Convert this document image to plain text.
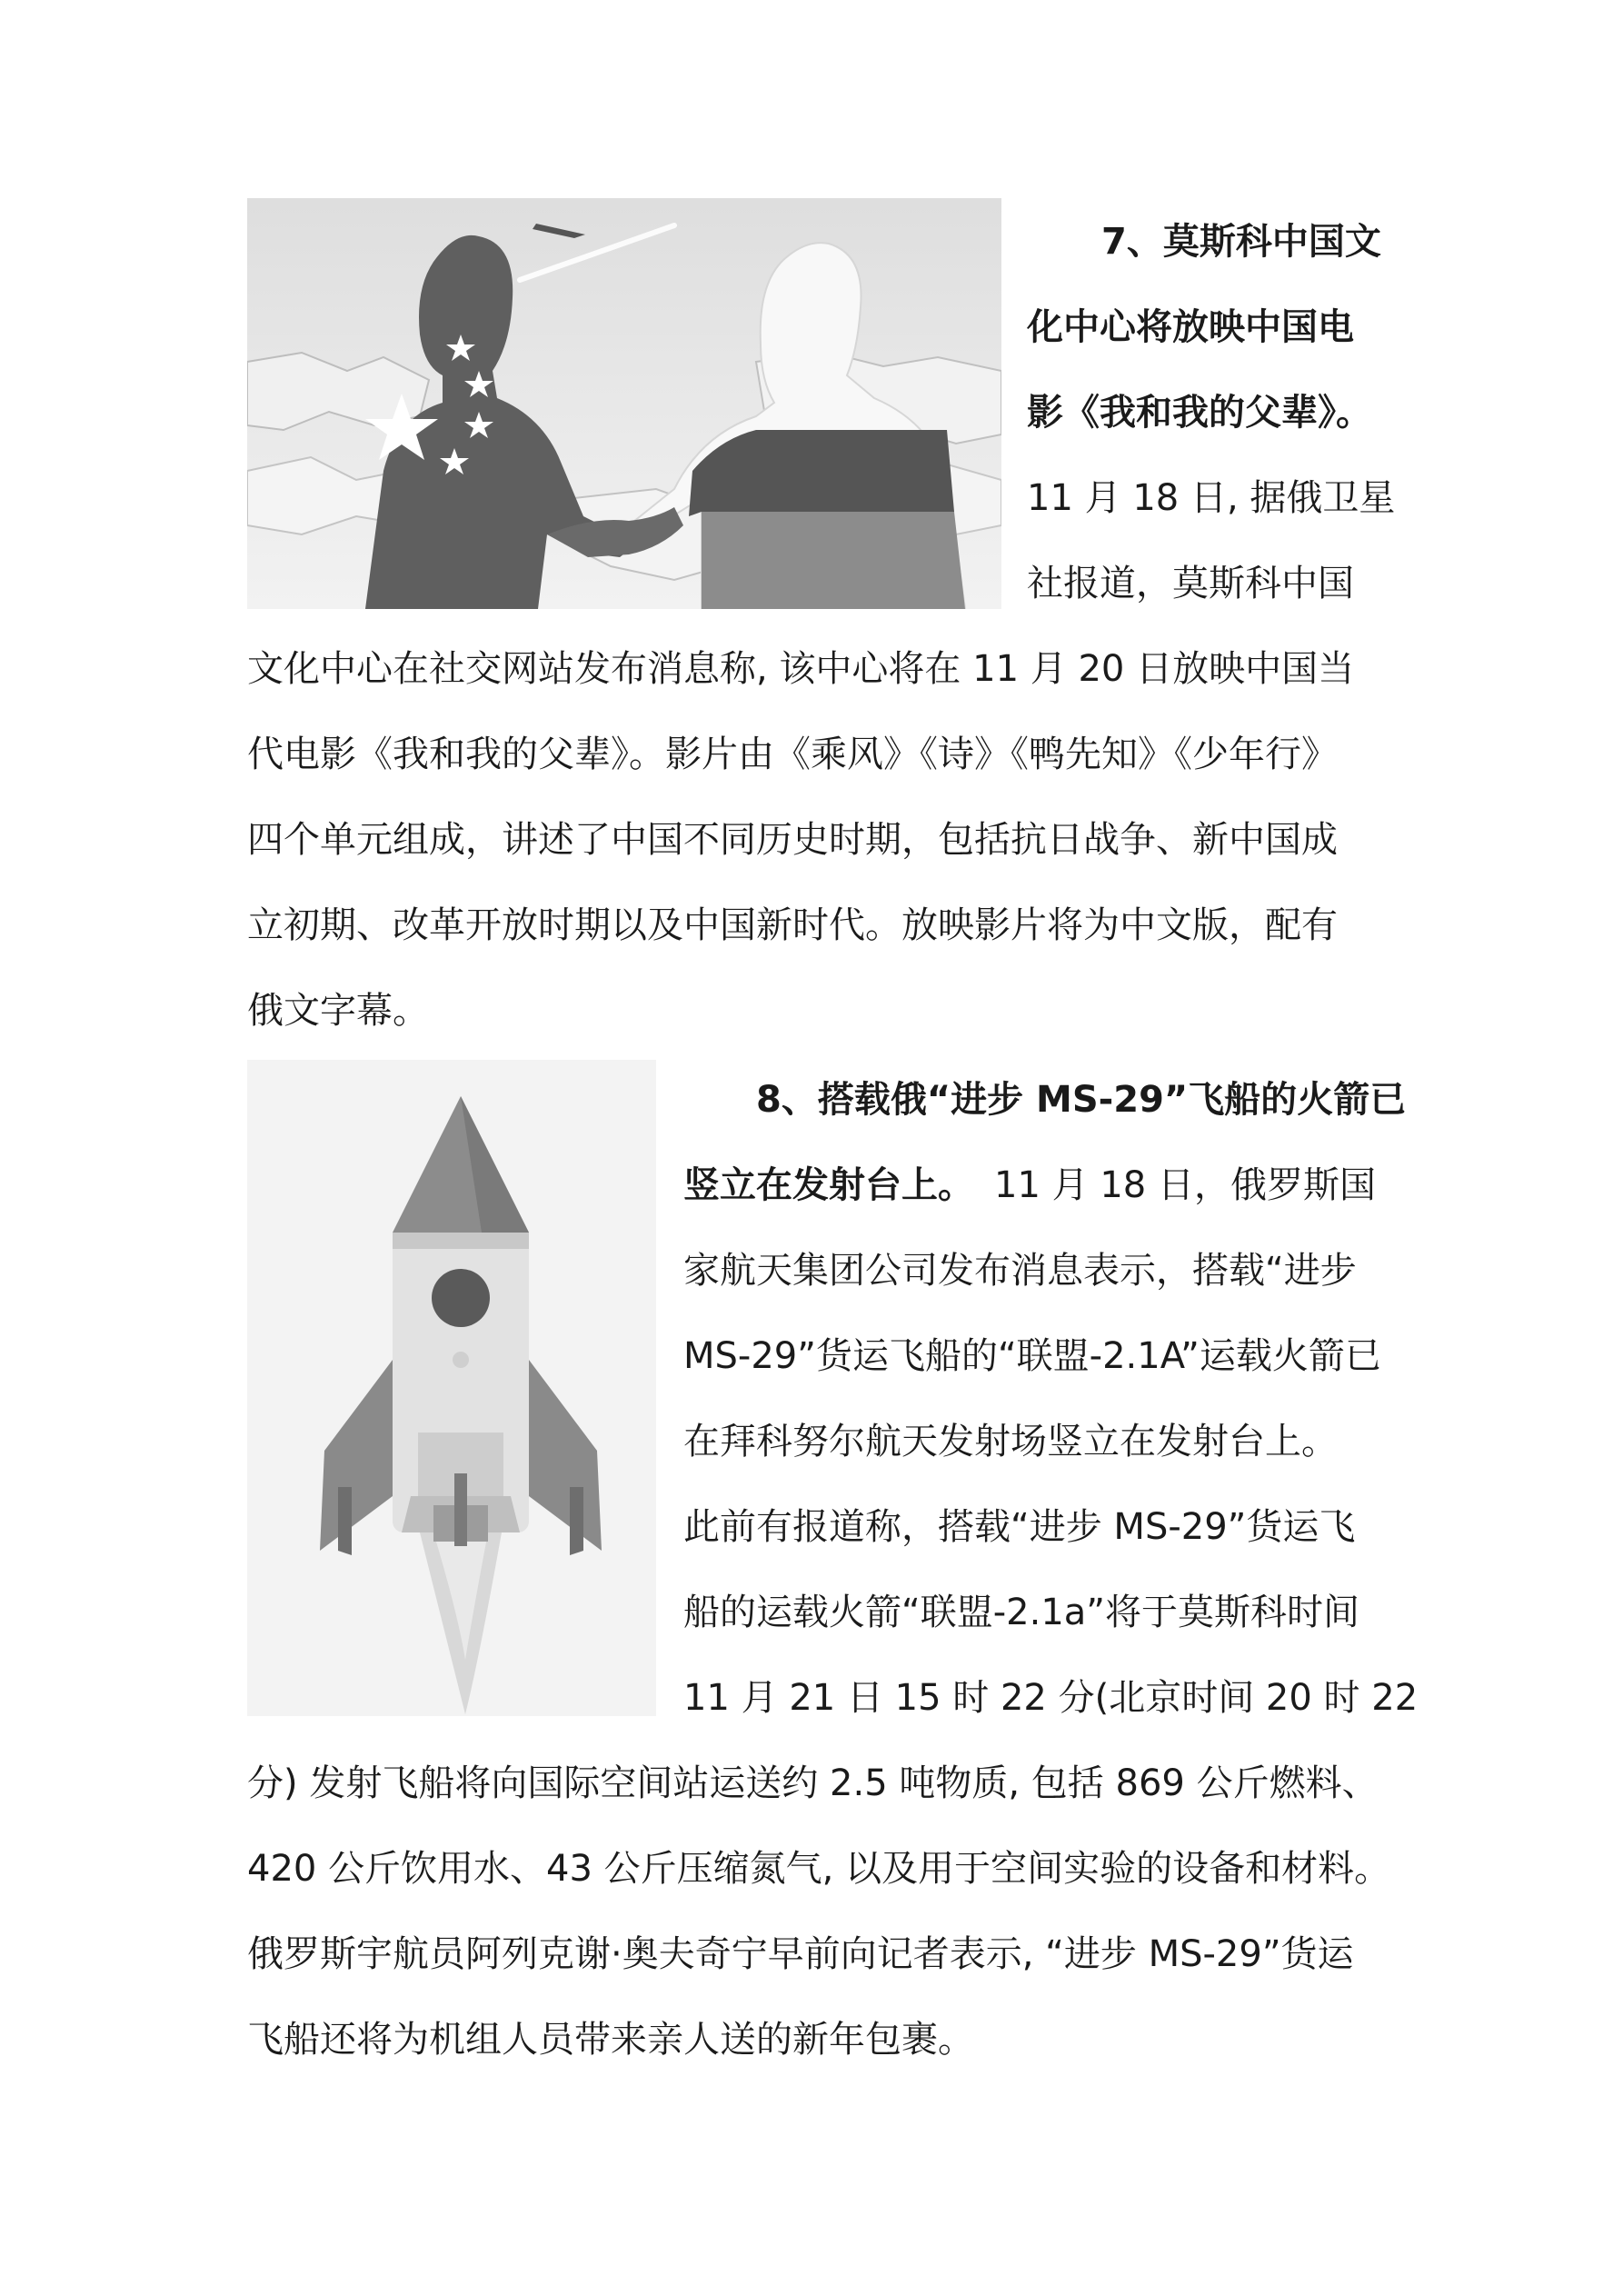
7、莫斯科中国文
化中心将放映中国电
影《我和我的父辈》。
11 月 18 日, 据俄卫星
社报道，莫斯科中国
文化中心在社交网站发布消息称, 该中心将在 11 月 20 日放映中国当
代电影《我和我的父辈》。影片由《乘风》《诗》《鸭先知》《少年行》
四个单元组成，讲述了中国不同历史时期，包括抗日战争、新中国成
立初期、改革开放时期以及中国新时代。放映影片将为中文版，配有
俄文字幕。
8、搭载俄“进步 MS-29”飞船的火箭已
竖立在发射台上。 11 月 18 日，俄罗斯国
家航天集团公司发布消息表示，搭载“进步
MS-29”货运飞船的“联盟-2.1A”运载火箭已
在拜科努尔航天发射场竖立在发射台上。
此前有报道称，搭载“进步 MS-29”货运飞
船的运载火箭“联盟-2.1a”将于莫斯科时间
11 月 21 日 15 时 22 分(北京时间 20 时 22
分) 发射飞船将向国际空间站运送约 2.5 吨物质, 包括 869 公斤燃料、
420 公斤饮用水、43 公斤压缩氮气, 以及用于空间实验的设备和材料。
俄罗斯宇航员阿列克谢·奥夫奇宁早前向记者表示, “进步 MS-29”货运
飞船还将为机组人员带来亲人送的新年包裹。
